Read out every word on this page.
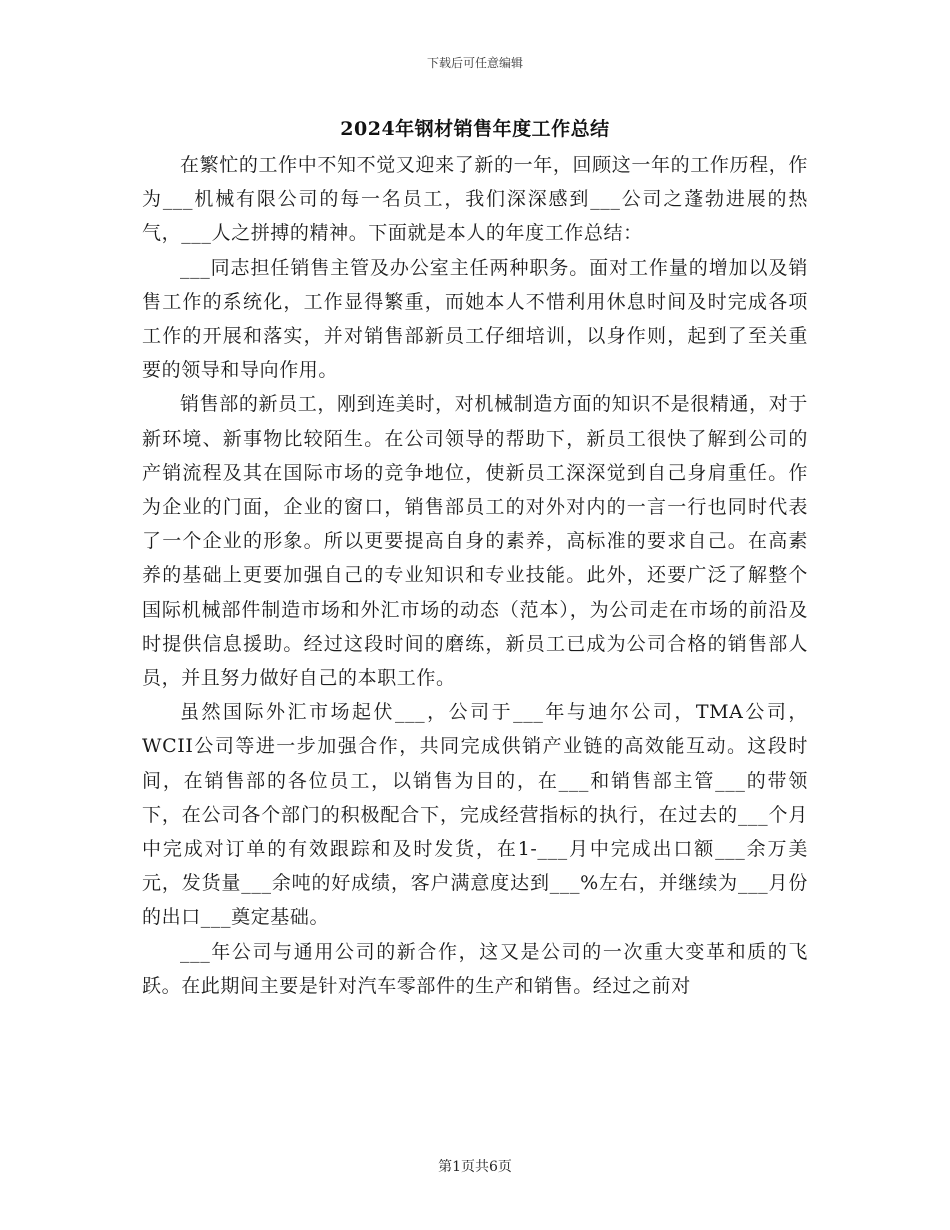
下载后可任意编辑
2024年钢材销售年度工作总结

在繁忙的工作中不知不觉又迎来了新的一年，回顾这一年的工作历程，作为___机械有限公司的每一名员工，我们深深感到___公司之蓬勃进展的热气，___人之拼搏的精神。下面就是本人的年度工作总结：

___同志担任销售主管及办公室主任两种职务。面对工作量的增加以及销售工作的系统化，工作显得繁重，而她本人不惜利用休息时间及时完成各项工作的开展和落实，并对销售部新员工仔细培训，以身作则，起到了至关重要的领导和导向作用。

销售部的新员工，刚到连美时，对机械制造方面的知识不是很精通，对于新环境、新事物比较陌生。在公司领导的帮助下，新员工很快了解到公司的产销流程及其在国际市场的竞争地位，使新员工深深觉到自己身肩重任。作为企业的门面，企业的窗口，销售部员工的对外对内的一言一行也同时代表了一个企业的形象。所以更要提高自身的素养，高标准的要求自己。在高素养的基础上更要加强自己的专业知识和专业技能。此外，还要广泛了解整个国际机械部件制造市场和外汇市场的动态（范本），为公司走在市场的前沿及时提供信息援助。经过这段时间的磨练，新员工已成为公司合格的销售部人员，并且努力做好自己的本职工作。

虽然国际外汇市场起伏___，公司于___年与迪尔公司，TMA公司，WCII公司等进一步加强合作，共同完成供销产业链的高效能互动。这段时间，在销售部的各位员工，以销售为目的，在___和销售部主管___的带领下，在公司各个部门的积极配合下，完成经营指标的执行，在过去的___个月中完成对订单的有效跟踪和及时发货，在1-___月中完成出口额___余万美元，发货量___余吨的好成绩，客户满意度达到___%左右，并继续为___月份的出口___奠定基础。

___年公司与通用公司的新合作，这又是公司的一次重大变革和质的飞跃。在此期间主要是针对汽车零部件的生产和销售。经过之前对

第1页共6页
